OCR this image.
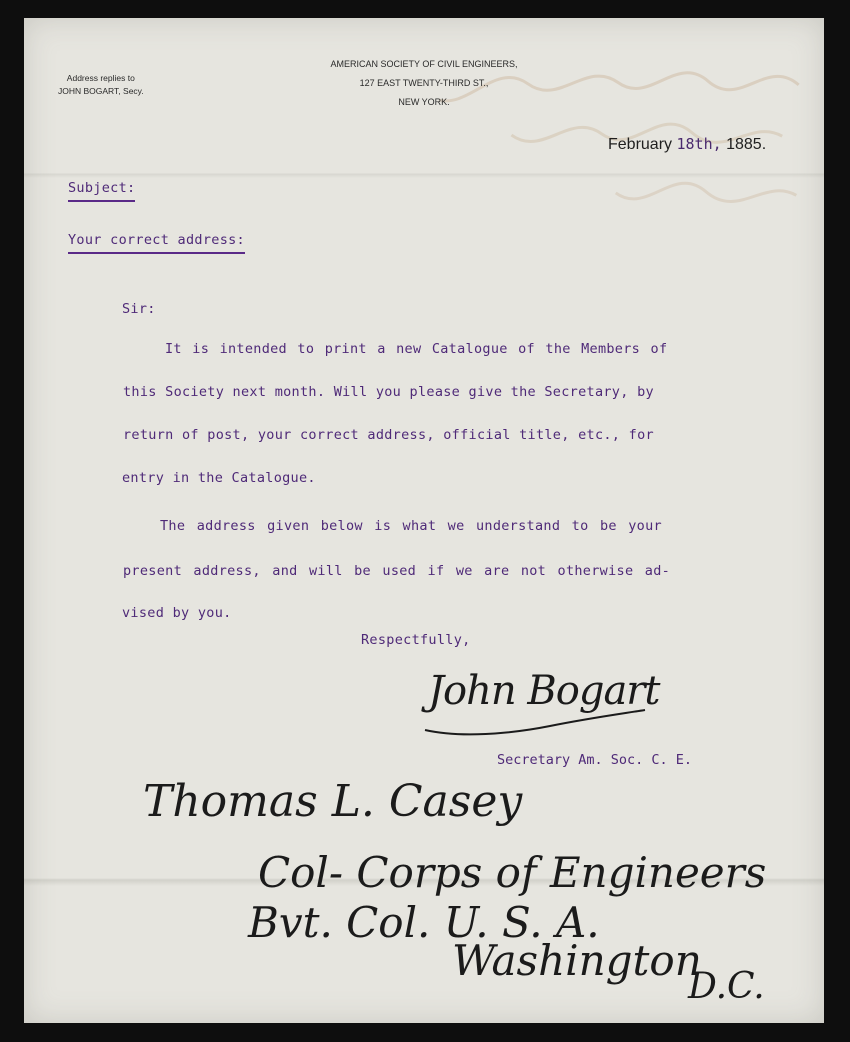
Address replies to
JOHN BOGART, Secy.
AMERICAN SOCIETY OF CIVIL ENGINEERS,
127 EAST TWENTY-THIRD ST.,
NEW YORK.
February 18th, 1885.
Subject:
Your correct address:
Sir:
It is intended to print a new Catalogue of the Members of
this Society next month. Will you please give the Secretary, by
return of post, your correct address, official title, etc., for
entry in the Catalogue.
The address given below is what we understand to be your
present address, and will be used if we are not otherwise ad-
vised by you.
Respectfully,
John Bogart
Secretary Am. Soc. C. E.
Thomas L. Casey
Col- Corps of Engineers
Bvt. Col. U. S. A.
Washington
D.C.
